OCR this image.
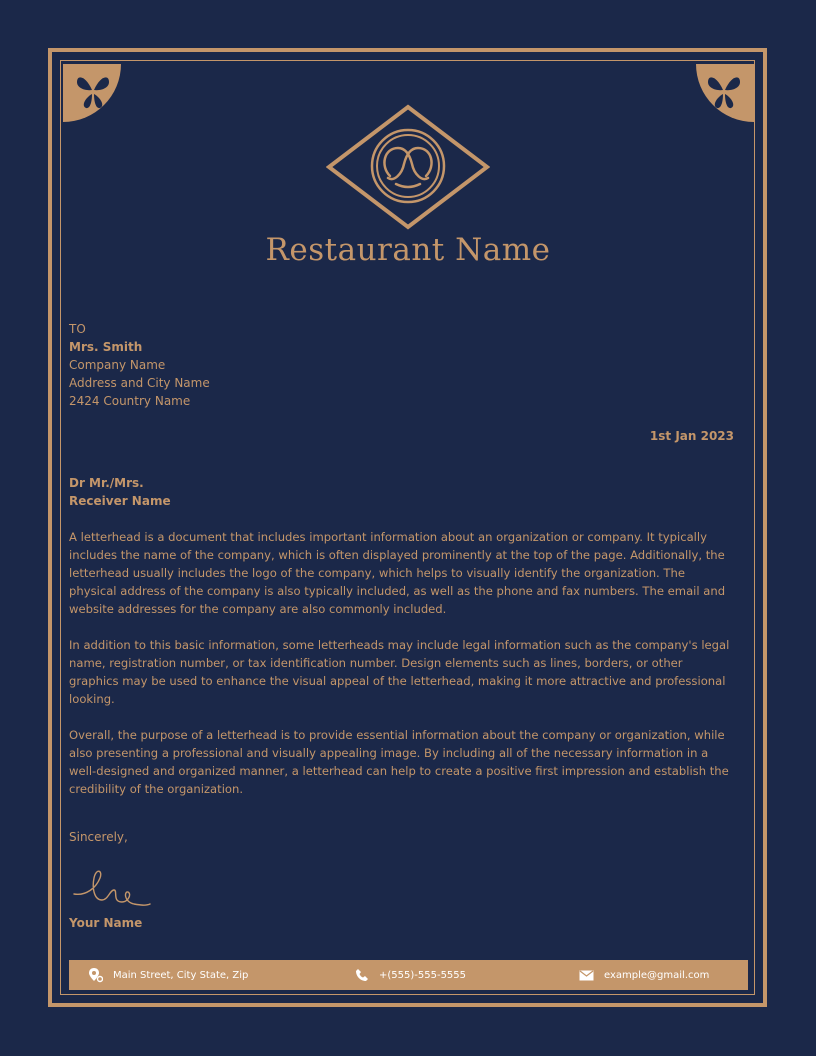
Restaurant Name
TO
Mrs. Smith
Company Name
Address and City Name
2424 Country Name
1st Jan 2023
Dr Mr./Mrs.
Receiver Name

A letterhead is a document that includes important information about an organization or company. It typically includes the name of the company, which is often displayed prominently at the top of the page. Additionally, the letterhead usually includes the logo of the company, which helps to visually identify the organization. The physical address of the company is also typically included, as well as the phone and fax numbers. The email and website addresses for the company are also commonly included.

In addition to this basic information, some letterheads may include legal information such as the company's legal name, registration number, or tax identification number. Design elements such as lines, borders, or other graphics may be used to enhance the visual appeal of the letterhead, making it more attractive and professional looking.

Overall, the purpose of a letterhead is to provide essential information about the company or organization, while also presenting a professional and visually appealing image. By including all of the necessary information in a well-designed and organized manner, a letterhead can help to create a positive first impression and establish the credibility of the organization.

Sincerely,
Your Name
Main Street, City State, Zip	+(555)-555-5555	example@gmail.com
